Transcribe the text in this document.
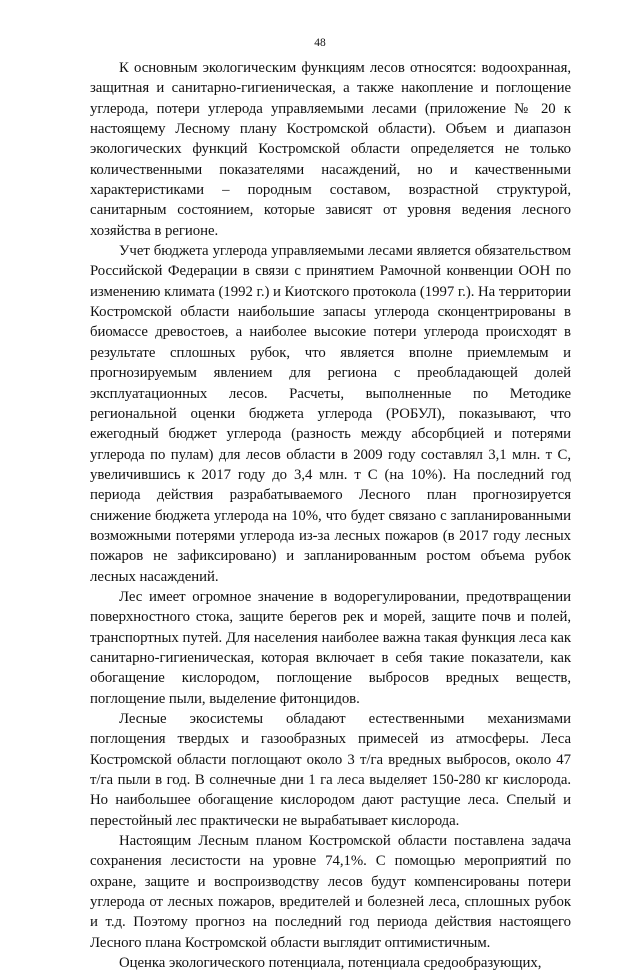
48

К основным экологическим функциям лесов относятся: водоохранная, защитная и санитарно-гигиеническая, а также накопление и поглощение углерода, потери углерода управляемыми лесами (приложение № 20 к настоящему Лесному плану Костромской области). Объем и диапазон экологических функций Костромской области определяется не только количественными показателями насаждений, но и качественными характеристиками – породным составом, возрастной структурой, санитарным состоянием, которые зависят от уровня ведения лесного хозяйства в регионе.

Учет бюджета углерода управляемыми лесами является обязательством Российской Федерации в связи с принятием Рамочной конвенции ООН по изменению климата (1992 г.) и Киотского протокола (1997 г.). На территории Костромской области наибольшие запасы углерода сконцентрированы в биомассе древостоев, а наиболее высокие потери углерода происходят в результате сплошных рубок, что является вполне приемлемым и прогнозируемым явлением для региона с преобладающей долей эксплуатационных лесов. Расчеты, выполненные по Методике региональной оценки бюджета углерода (РОБУЛ), показывают, что ежегодный бюджет углерода (разность между абсорбцией и потерями углерода по пулам) для лесов области в 2009 году составлял 3,1 млн. т С, увеличившись к 2017 году до 3,4 млн. т С (на 10%). На последний год периода действия разрабатываемого Лесного план прогнозируется снижение бюджета углерода на 10%, что будет связано с запланированными возможными потерями углерода из-за лесных пожаров (в 2017 году лесных пожаров не зафиксировано) и запланированным ростом объема рубок лесных насаждений.

Лес имеет огромное значение в водорегулировании, предотвращении поверхностного стока, защите берегов рек и морей, защите почв и полей, транспортных путей. Для населения наиболее важна такая функция леса как санитарно-гигиеническая, которая включает в себя такие показатели, как обогащение кислородом, поглощение выбросов вредных веществ, поглощение пыли, выделение фитонцидов.

Лесные экосистемы обладают естественными механизмами поглощения твердых и газообразных примесей из атмосферы. Леса Костромской области поглощают около 3 т/га вредных выбросов, около 47 т/га пыли в год. В солнечные дни 1 га леса выделяет 150-280 кг кислорода. Но наибольшее обогащение кислородом дают растущие леса. Спелый и перестойный лес практически не вырабатывает кислорода.

Настоящим Лесным планом Костромской области поставлена задача сохранения лесистости на уровне 74,1%. С помощью мероприятий по охране, защите и воспроизводству лесов будут компенсированы потери углерода от лесных пожаров, вредителей и болезней леса, сплошных рубок и т.д. Поэтому прогноз на последний год периода действия настоящего Лесного плана Костромской области выглядит оптимистичным.

Оценка экологического потенциала, потенциала средообразующих,
